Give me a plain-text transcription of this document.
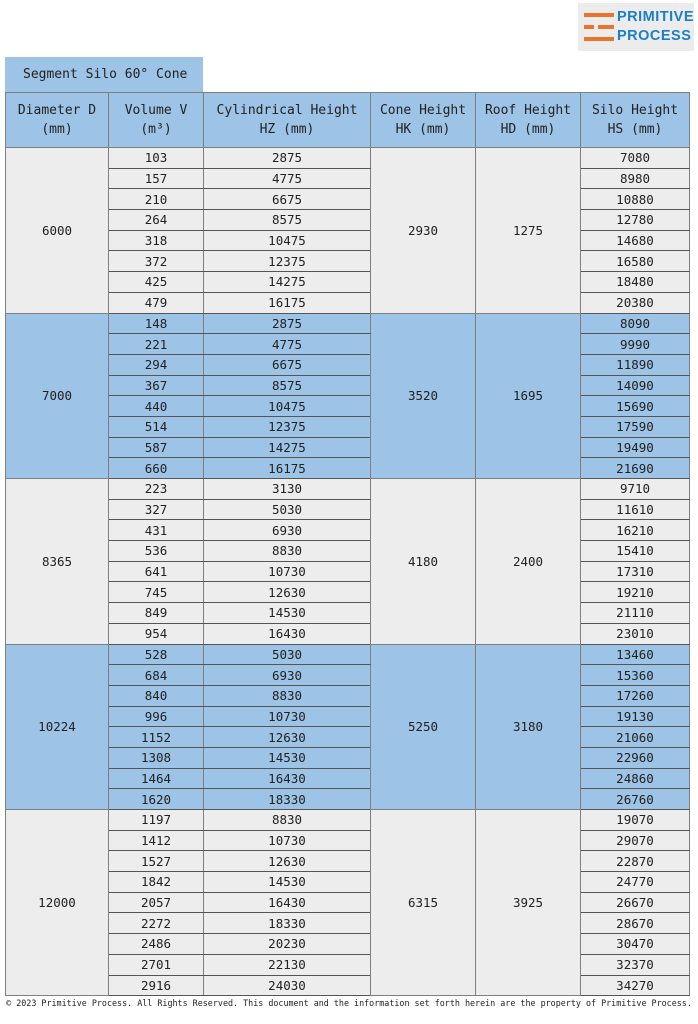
PRIMITIVE
PROCESS
Segment Silo 60° Cone
Diameter D (mm)	Volume V (m³)	Cylindrical Height HZ (mm)	Cone Height HK (mm)	Roof Height HD (mm)	Silo Height HS (mm)
6000	103	2875	2930	1275	7080
	157	4775			8980
	210	6675			10880
	264	8575			12780
	318	10475			14680
	372	12375			16580
	425	14275			18480
	479	16175			20380
7000	148	2875	3520	1695	8090
	221	4775			9990
	294	6675			11890
	367	8575			14090
	440	10475			15690
	514	12375			17590
	587	14275			19490
	660	16175			21690
8365	223	3130	4180	2400	9710
	327	5030			11610
	431	6930			16210
	536	8830			15410
	641	10730			17310
	745	12630			19210
	849	14530			21110
	954	16430			23010
10224	528	5030	5250	3180	13460
	684	6930			15360
	840	8830			17260
	996	10730			19130
	1152	12630			21060
	1308	14530			22960
	1464	16430			24860
	1620	18330			26760
12000	1197	8830	6315	3925	19070
	1412	10730			29070
	1527	12630			22870
	1842	14530			24770
	2057	16430			26670
	2272	18330			28670
	2486	20230			30470
	2701	22130			32370
	2916	24030			34270
© 2023 Primitive Process. All Rights Reserved. This document and the information set forth herein are the property of Primitive Process.
